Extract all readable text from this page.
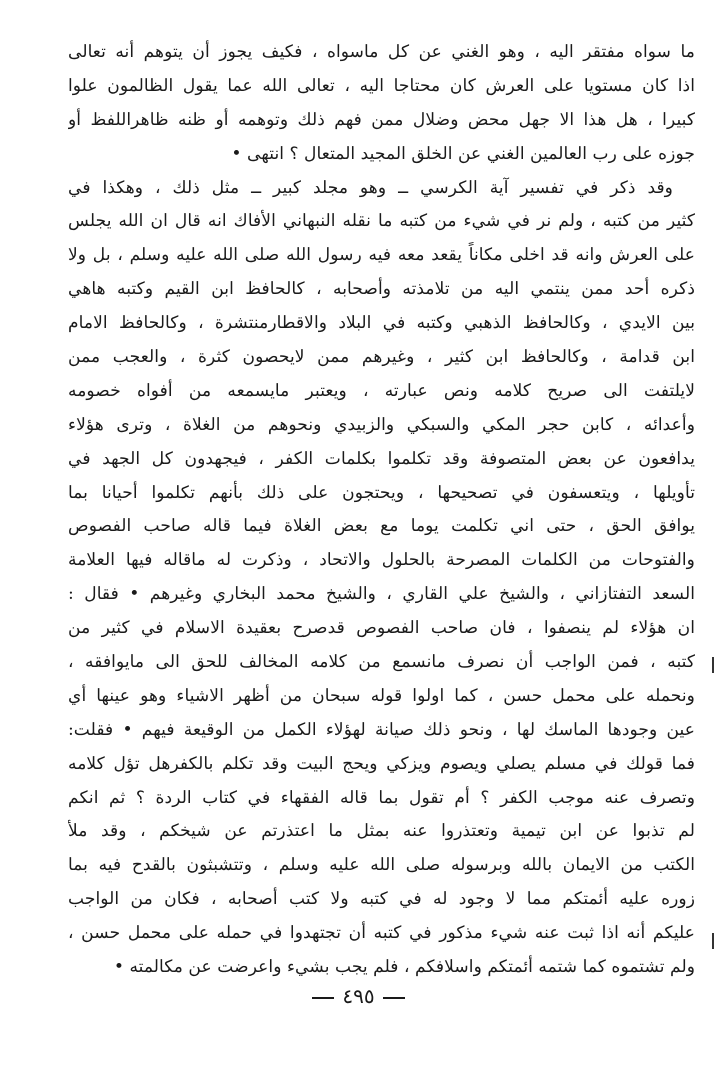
ما سواه مفتقر اليه ، وهو الغني عن كل ماسواه ، فكيف يجوز أن يتوهم أنه تعالى
اذا كان مستويا على العرش كان محتاجا اليه ، تعالى الله عما يقول الظالمون علوا
كبيرا ، هل هذا الا جهل محض وضلال ممن فهم ذلك وتوهمه أو ظنه ظاهراللفظ أو
جوزه على رب العالمين الغني عن الخلق المجيد المتعال ؟ انتهى •
وقد ذكر في تفسير آية الكرسي ــ وهو مجلد كبير ــ مثل ذلك ، وهكذا في
كثير من كتبه ، ولم نر في شيء من كتبه ما نقله النبهاني الأفاك انه قال ان الله يجلس
على العرش وانه قد اخلى مكاناً يقعد معه فيه رسول الله صلى الله عليه وسلم ، بل ولا
ذكره أحد ممن ينتمي اليه من تلامذته وأصحابه ، كالحافظ ابن القيم وكتبه هاهي
بين الايدي ، وكالحافظ الذهبي وكتبه في البلاد والاقطارمنتشرة ، وكالحافظ الامام
ابن قدامة ، وكالحافظ ابن كثير ، وغيرهم ممن لايحصون كثرة ، والعجب ممن
لايلتفت الى صريح كلامه ونص عبارته ، ويعتبر مايسمعه من أفواه خصومه
وأعدائه ، كابن حجر المكي والسبكي والزبيدي ونحوهم من الغلاة ، وترى هؤلاء
يدافعون عن بعض المتصوفة وقد تكلموا بكلمات الكفر ، فيجهدون كل الجهد في
تأويلها ، ويتعسفون في تصحيحها ، ويحتجون على ذلك بأنهم تكلموا أحيانا بما
يوافق الحق ، حتى اني تكلمت يوما مع بعض الغلاة فيما قاله صاحب الفصوص
والفتوحات من الكلمات المصرحة بالحلول والاتحاد ، وذكرت له ماقاله فيها العلامة
السعد التفتازاني ، والشيخ علي القاري ، والشيخ محمد البخاري وغيرهم • فقال :
ان هؤلاء لم ينصفوا ، فان صاحب الفصوص قدصرح بعقيدة الاسلام في كثير من
كتبه ، فمن الواجب أن نصرف مانسمع من كلامه المخالف للحق الى مايوافقه ،
ونحمله على محمل حسن ، كما اولوا قوله سبحان من أظهر الاشياء وهو عينها أي
عين وجودها الماسك لها ، ونحو ذلك صيانة لهؤلاء الكمل من الوقيعة فيهم • فقلت:
فما قولك في مسلم يصلي ويصوم ويزكي ويحج البيت وقد تكلم بالكفرهل تؤل كلامه
وتصرف عنه موجب الكفر ؟ أم تقول بما قاله الفقهاء في كتاب الردة ؟ ثم انكم
لم تذبوا عن ابن تيمية وتعتذروا عنه بمثل ما اعتذرتم عن شيخكم ، وقد ملأ
الكتب من الايمان بالله وبرسوله صلى الله عليه وسلم ، وتتشبثون بالقدح فيه بما
زوره عليه أئمتكم مما لا وجود له في كتبه ولا كتب أصحابه ، فكان من الواجب
عليكم أنه اذا ثبت عنه شيء مذكور في كتبه أن تجتهدوا في حمله على محمل حسن ،
ولم تشتموه كما شتمه أئمتكم واسلافكم ، فلم يجب بشيء واعرضت عن مكالمته •
٤٩٥
